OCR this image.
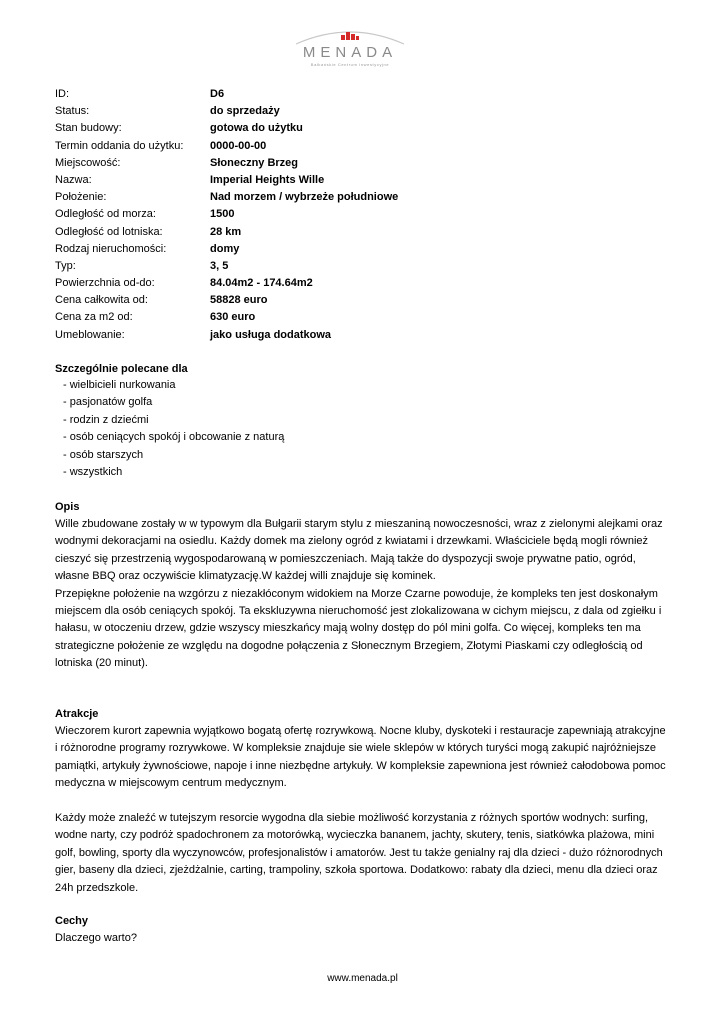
MENADA
Bałkańskie Centrum Inwestycyjne
ID:	D6
Status:	do sprzedaży
Stan budowy:	gotowa do użytku
Termin oddania do użytku:	0000-00-00
Miejscowość:	Słoneczny Brzeg
Nazwa:	Imperial Heights Wille
Położenie:	Nad morzem / wybrzeże południowe
Odległość od morza:	1500
Odległość od lotniska:	28 km
Rodzaj nieruchomości:	domy
Typ:	3, 5
Powierzchnia od-do:	84.04m2 - 174.64m2
Cena całkowita od:	58828 euro
Cena za m2 od:	630 euro
Umeblowanie:	jako usługa dodatkowa
Szczególnie polecane dla
- wielbicieli nurkowania
- pasjonatów golfa
- rodzin z dziećmi
- osób ceniących spokój i obcowanie z naturą
- osób starszych
- wszystkich
Opis
Wille zbudowane zostały w w typowym dla Bułgarii starym stylu z mieszaniną nowoczesności, wraz z zielonymi alejkami oraz
wodnymi dekoracjami na osiedlu. Każdy domek ma zielony ogród z kwiatami i drzewkami. Właściciele będą mogli również
cieszyć się przestrzenią wygospodarowaną w pomieszczeniach. Mają także do dyspozycji swoje prywatne patio, ogród,
własne BBQ oraz oczywiście klimatyzację.W każdej willi znajduje się kominek.
Przepiękne położenie na wzgórzu z niezakłóconym widokiem na Morze Czarne powoduje, że kompleks ten jest doskonałym
miejscem dla osób ceniących spokój. Ta ekskluzywna nieruchomość jest zlokalizowana w cichym miejscu, z dala od zgiełku i
hałasu, w otoczeniu drzew, gdzie wszyscy mieszkańcy mają wolny dostęp do pól mini golfa. Co więcej, kompleks ten ma
strategiczne położenie ze względu na dogodne połączenia z Słonecznym Brzegiem, Złotymi Piaskami czy odległością od
lotniska (20 minut).
Atrakcje
Wieczorem kurort zapewnia wyjątkowo bogatą ofertę rozrywkową. Nocne kluby, dyskoteki i restauracje zapewniają atrakcyjne
i różnorodne programy rozrywkowe. W kompleksie znajduje sie wiele sklepów w których turyści mogą zakupić najróżniejsze
pamiątki, artykuły żywnościowe, napoje i inne niezbędne artykuły. W kompleksie zapewniona jest również całodobowa pomoc
medyczna w miejscowym centrum medycznym.
Każdy może znaleźć w tutejszym resorcie wygodna dla siebie możliwość korzystania z różnych sportów wodnych: surfing,
wodne narty, czy podróż spadochronem za motorówką, wycieczka bananem, jachty, skutery, tenis, siatkówka plażowa, mini
golf, bowling, sporty dla wyczynowców, profesjonalistów i amatorów. Jest tu także genialny raj dla dzieci - dużo różnorodnych
gier, baseny dla dzieci, zjeżdżalnie, carting, trampoliny, szkoła sportowa. Dodatkowo: rabaty dla dzieci, menu dla dzieci oraz
24h przedszkole.
Cechy
Dlaczego warto?
www.menada.pl
